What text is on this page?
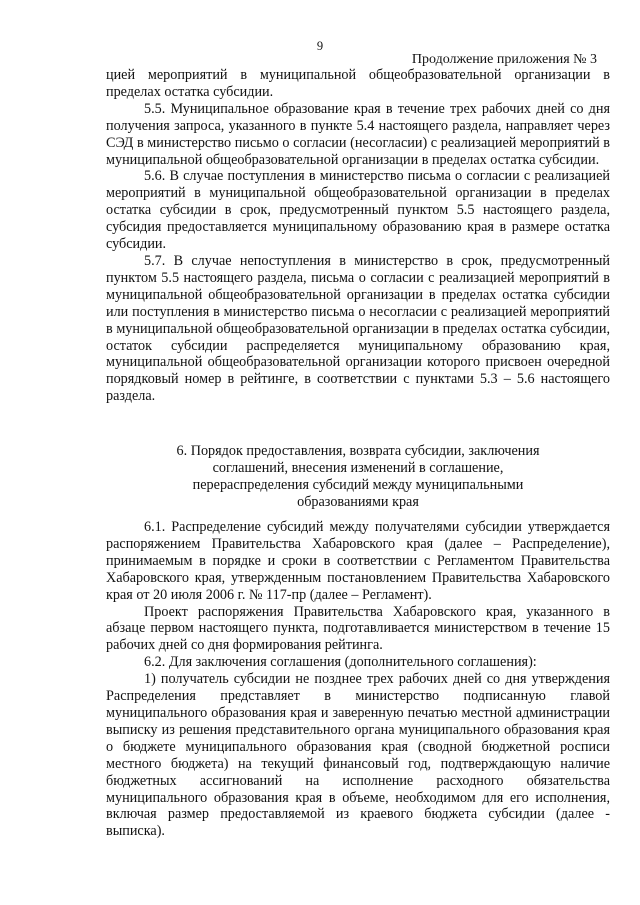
9
Продолжение приложения № 3

цией мероприятий в муниципальной общеобразовательной организации в пределах остатка субсидии.

5.5. Муниципальное образование края в течение трех рабочих дней со дня получения запроса, указанного в пункте 5.4 настоящего раздела, направляет через СЭД в министерство письмо о согласии (несогласии) с реализацией мероприятий в муниципальной общеобразовательной организации в пределах остатка субсидии.

5.6. В случае поступления в министерство письма о согласии с реализацией мероприятий в муниципальной общеобразовательной организации в пределах остатка субсидии в срок, предусмотренный пунктом 5.5 настоящего раздела, субсидия предоставляется муниципальному образованию края в размере остатка субсидии.

5.7. В случае непоступления в министерство в срок, предусмотренный пунктом 5.5 настоящего раздела, письма о согласии с реализацией мероприятий в муниципальной общеобразовательной организации в пределах остатка субсидии или поступления в министерство письма о несогласии с реализацией мероприятий в муниципальной общеобразовательной организации в пределах остатка субсидии, остаток субсидии распределяется муниципальному образованию края, муниципальной общеобразовательной организации которого присвоен очередной порядковый номер в рейтинге, в соответствии с пунктами 5.3 – 5.6 настоящего раздела.

6. Порядок предоставления, возврата субсидии, заключения
соглашений, внесения изменений в соглашение,
перераспределения субсидий между муниципальными
образованиями края

6.1. Распределение субсидий между получателями субсидии утверждается распоряжением Правительства Хабаровского края (далее – Распределение), принимаемым в порядке и сроки в соответствии с Регламентом Правительства Хабаровского края, утвержденным постановлением Правительства Хабаровского края от 20 июля 2006 г. № 117-пр (далее – Регламент).

Проект распоряжения Правительства Хабаровского края, указанного в абзаце первом настоящего пункта, подготавливается министерством в течение 15 рабочих дней со дня формирования рейтинга.

6.2. Для заключения соглашения (дополнительного соглашения):

1) получатель субсидии не позднее трех рабочих дней со дня утверждения Распределения представляет в министерство подписанную главой муниципального образования края и заверенную печатью местной администрации выписку из решения представительного органа муниципального образования края о бюджете муниципального образования края (сводной бюджетной росписи местного бюджета) на текущий финансовый год, подтверждающую наличие бюджетных ассигнований на исполнение расходного обязательства муниципального образования края в объеме, необходимом для его исполнения, включая размер предоставляемой из краевого бюджета субсидии (далее - выписка).
